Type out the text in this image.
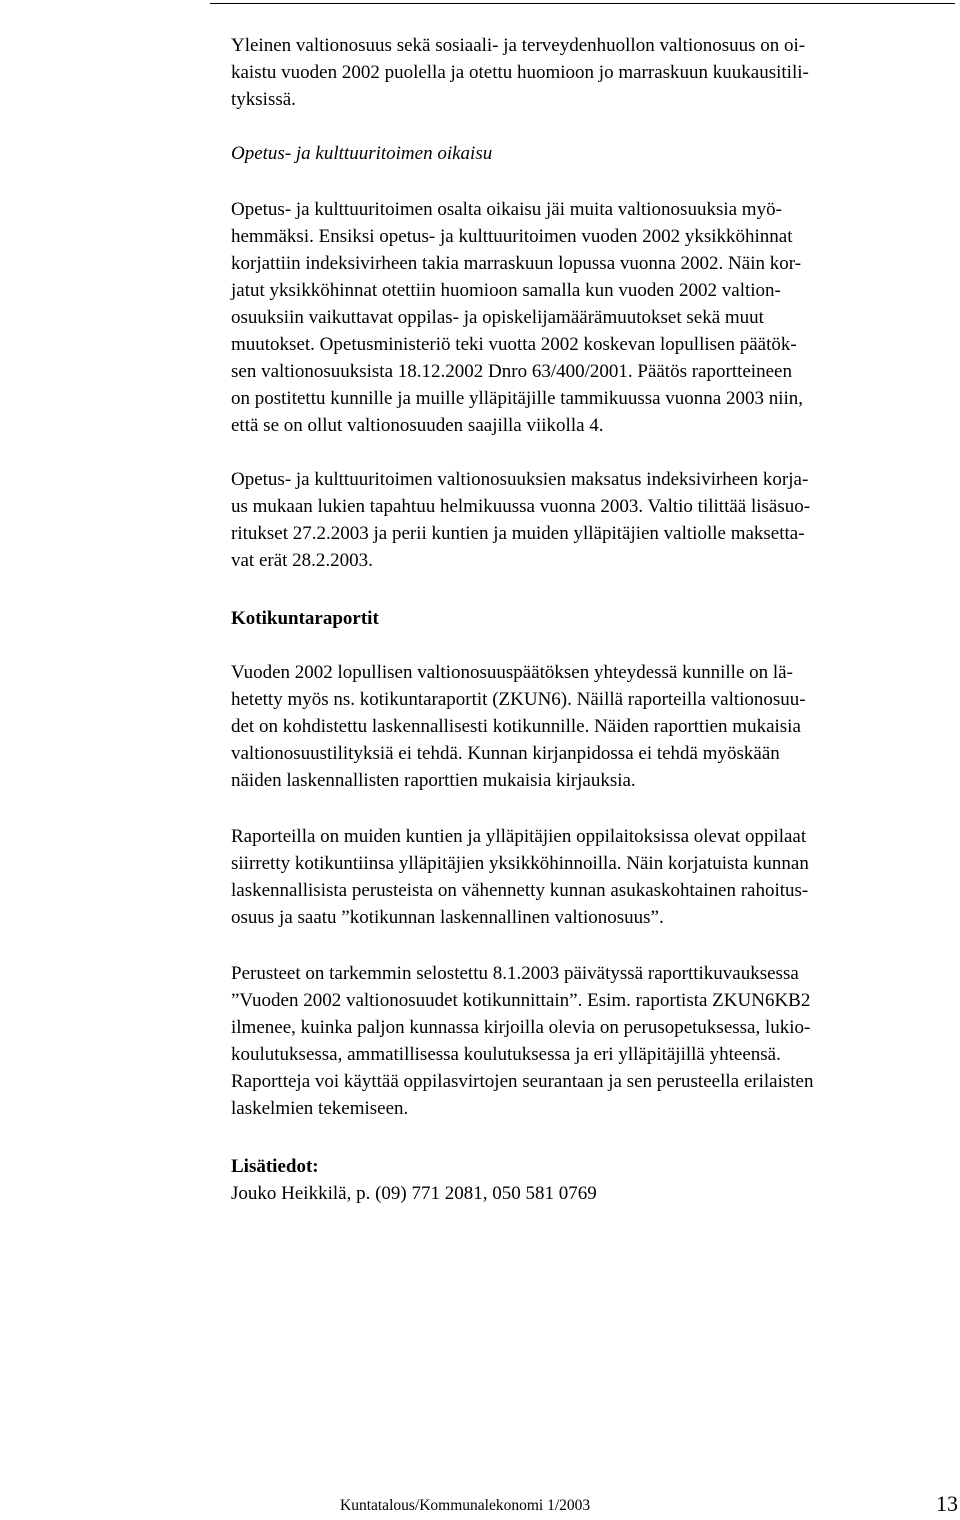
Yleinen valtionosuus sekä sosiaali- ja terveydenhuollon valtionosuus on oi-

kaistu vuoden 2002 puolella ja otettu huomioon jo marraskuun kuukausitili-

tyksissä.

Opetus- ja kulttuuritoimen oikaisu

Opetus- ja kulttuuritoimen osalta oikaisu jäi muita valtionosuuksia myö-

hemmäksi. Ensiksi opetus- ja kulttuuritoimen vuoden 2002 yksikköhinnat

korjattiin indeksivirheen takia marraskuun lopussa vuonna 2002. Näin kor-

jatut yksikköhinnat otettiin huomioon samalla kun vuoden 2002 valtion-

osuuksiin vaikuttavat oppilas- ja opiskelijamäärämuutokset sekä muut

muutokset. Opetusministeriö teki vuotta 2002 koskevan lopullisen päätök-

sen valtionosuuksista 18.12.2002 Dnro 63/400/2001. Päätös raportteineen

on postitettu kunnille ja muille ylläpitäjille tammikuussa vuonna 2003 niin,

että se on ollut valtionosuuden saajilla viikolla 4.

Opetus- ja kulttuuritoimen valtionosuuksien maksatus indeksivirheen korja-

us mukaan lukien tapahtuu helmikuussa vuonna 2003. Valtio tilittää lisäsuo-

ritukset 27.2.2003 ja perii kuntien ja muiden ylläpitäjien valtiolle maksetta-

vat erät 28.2.2003.

Kotikuntaraportit

Vuoden 2002 lopullisen valtionosuuspäätöksen yhteydessä kunnille on lä-

hetetty myös ns. kotikuntaraportit (ZKUN6). Näillä raporteilla valtionosuu-

det on kohdistettu laskennallisesti kotikunnille. Näiden raporttien mukaisia

valtionosuustilityksiä ei tehdä. Kunnan kirjanpidossa ei tehdä myöskään

näiden laskennallisten raporttien mukaisia kirjauksia.

Raporteilla on muiden kuntien ja ylläpitäjien oppilaitoksissa olevat oppilaat

siirretty kotikuntiinsa ylläpitäjien yksikköhinnoilla. Näin korjatuista kunnan

laskennallisista perusteista on vähennetty kunnan asukaskohtainen rahoitus-

osuus ja saatu ”kotikunnan laskennallinen valtionosuus”.

Perusteet on tarkemmin selostettu 8.1.2003 päivätyssä raporttikuvauksessa

”Vuoden 2002 valtionosuudet kotikunnittain”. Esim. raportista ZKUN6KB2

ilmenee, kuinka paljon kunnassa kirjoilla olevia on perusopetuksessa, lukio-

koulutuksessa, ammatillisessa koulutuksessa ja eri ylläpitäjillä yhteensä.

Raportteja voi käyttää oppilasvirtojen seurantaan ja sen perusteella erilaisten

laskelmien tekemiseen.

Lisätiedot:

Jouko Heikkilä, p. (09) 771 2081, 050 581 0769

Kuntatalous/Kommunalekonomi 1/2003	13
